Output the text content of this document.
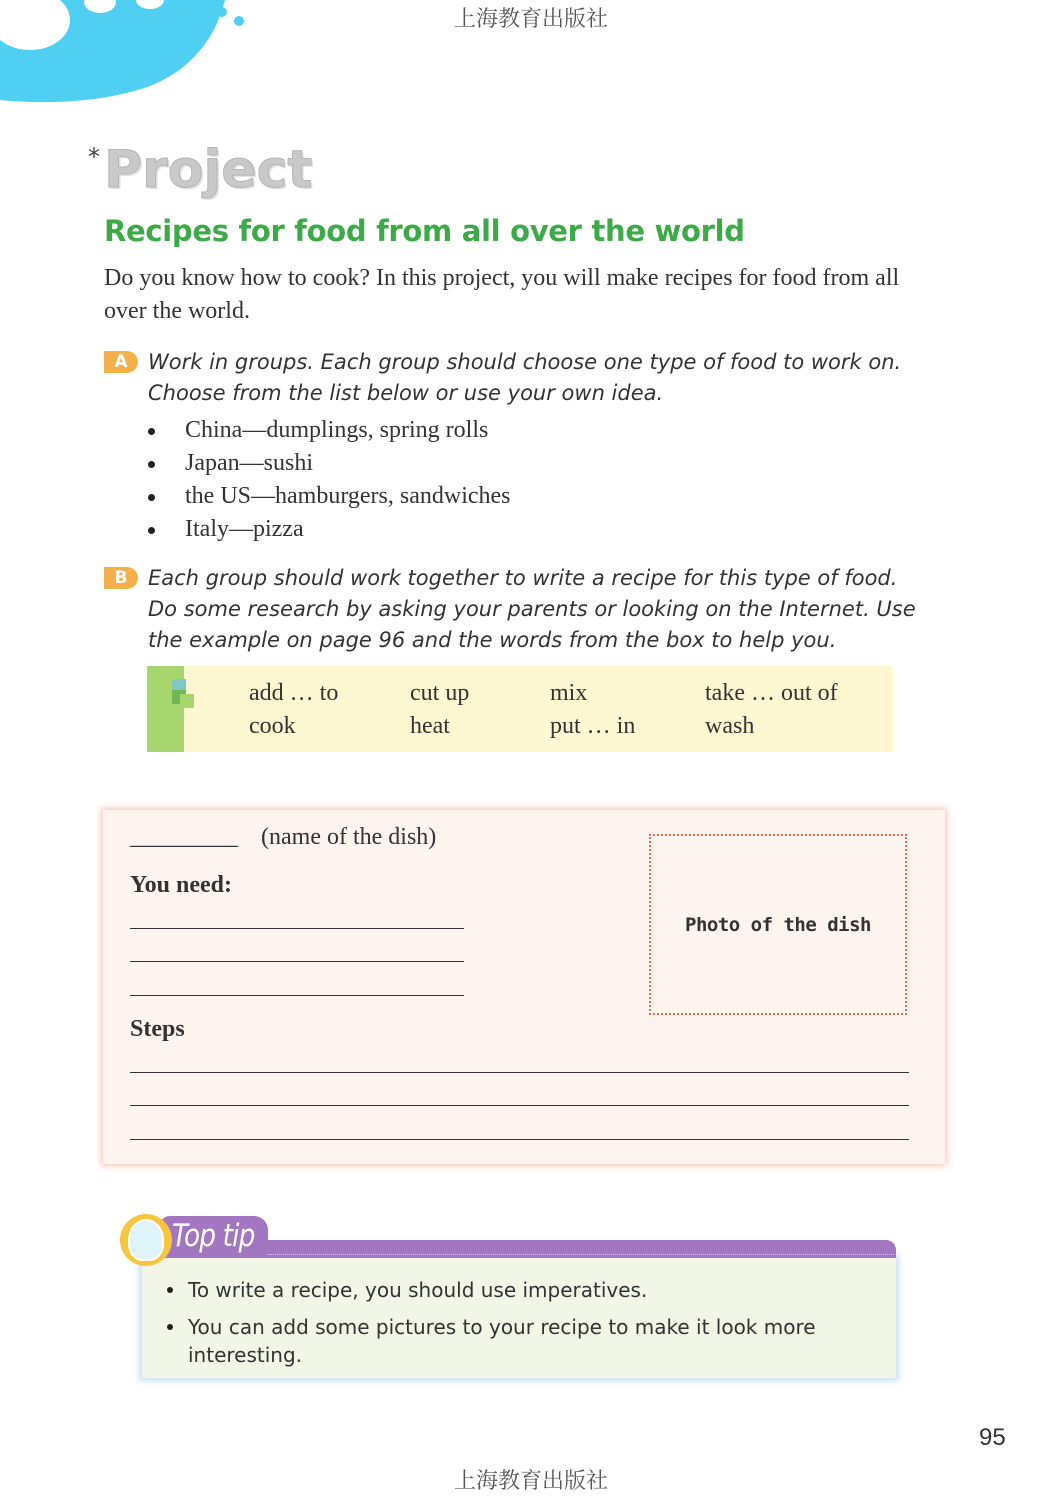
上海教育出版社
* Project
Recipes for food from all over the world
Do you know how to cook? In this project, you will make recipes for food from all over the world.
A Work in groups. Each group should choose one type of food to work on. Choose from the list below or use your own idea.
China—dumplings, spring rolls
Japan—sushi
the US—hamburgers, sandwiches
Italy—pizza
B Each group should work together to write a recipe for this type of food. Do some research by asking your parents or looking on the Internet. Use the example on page 96 and the words from the box to help you.
add … to
cook
cut up
heat
mix
put … in
take … out of
wash
_________ (name of the dish)
You need:
Steps
Photo of the dish
Top tip
To write a recipe, you should use imperatives.
You can add some pictures to your recipe to make it look more interesting.
95
上海教育出版社
